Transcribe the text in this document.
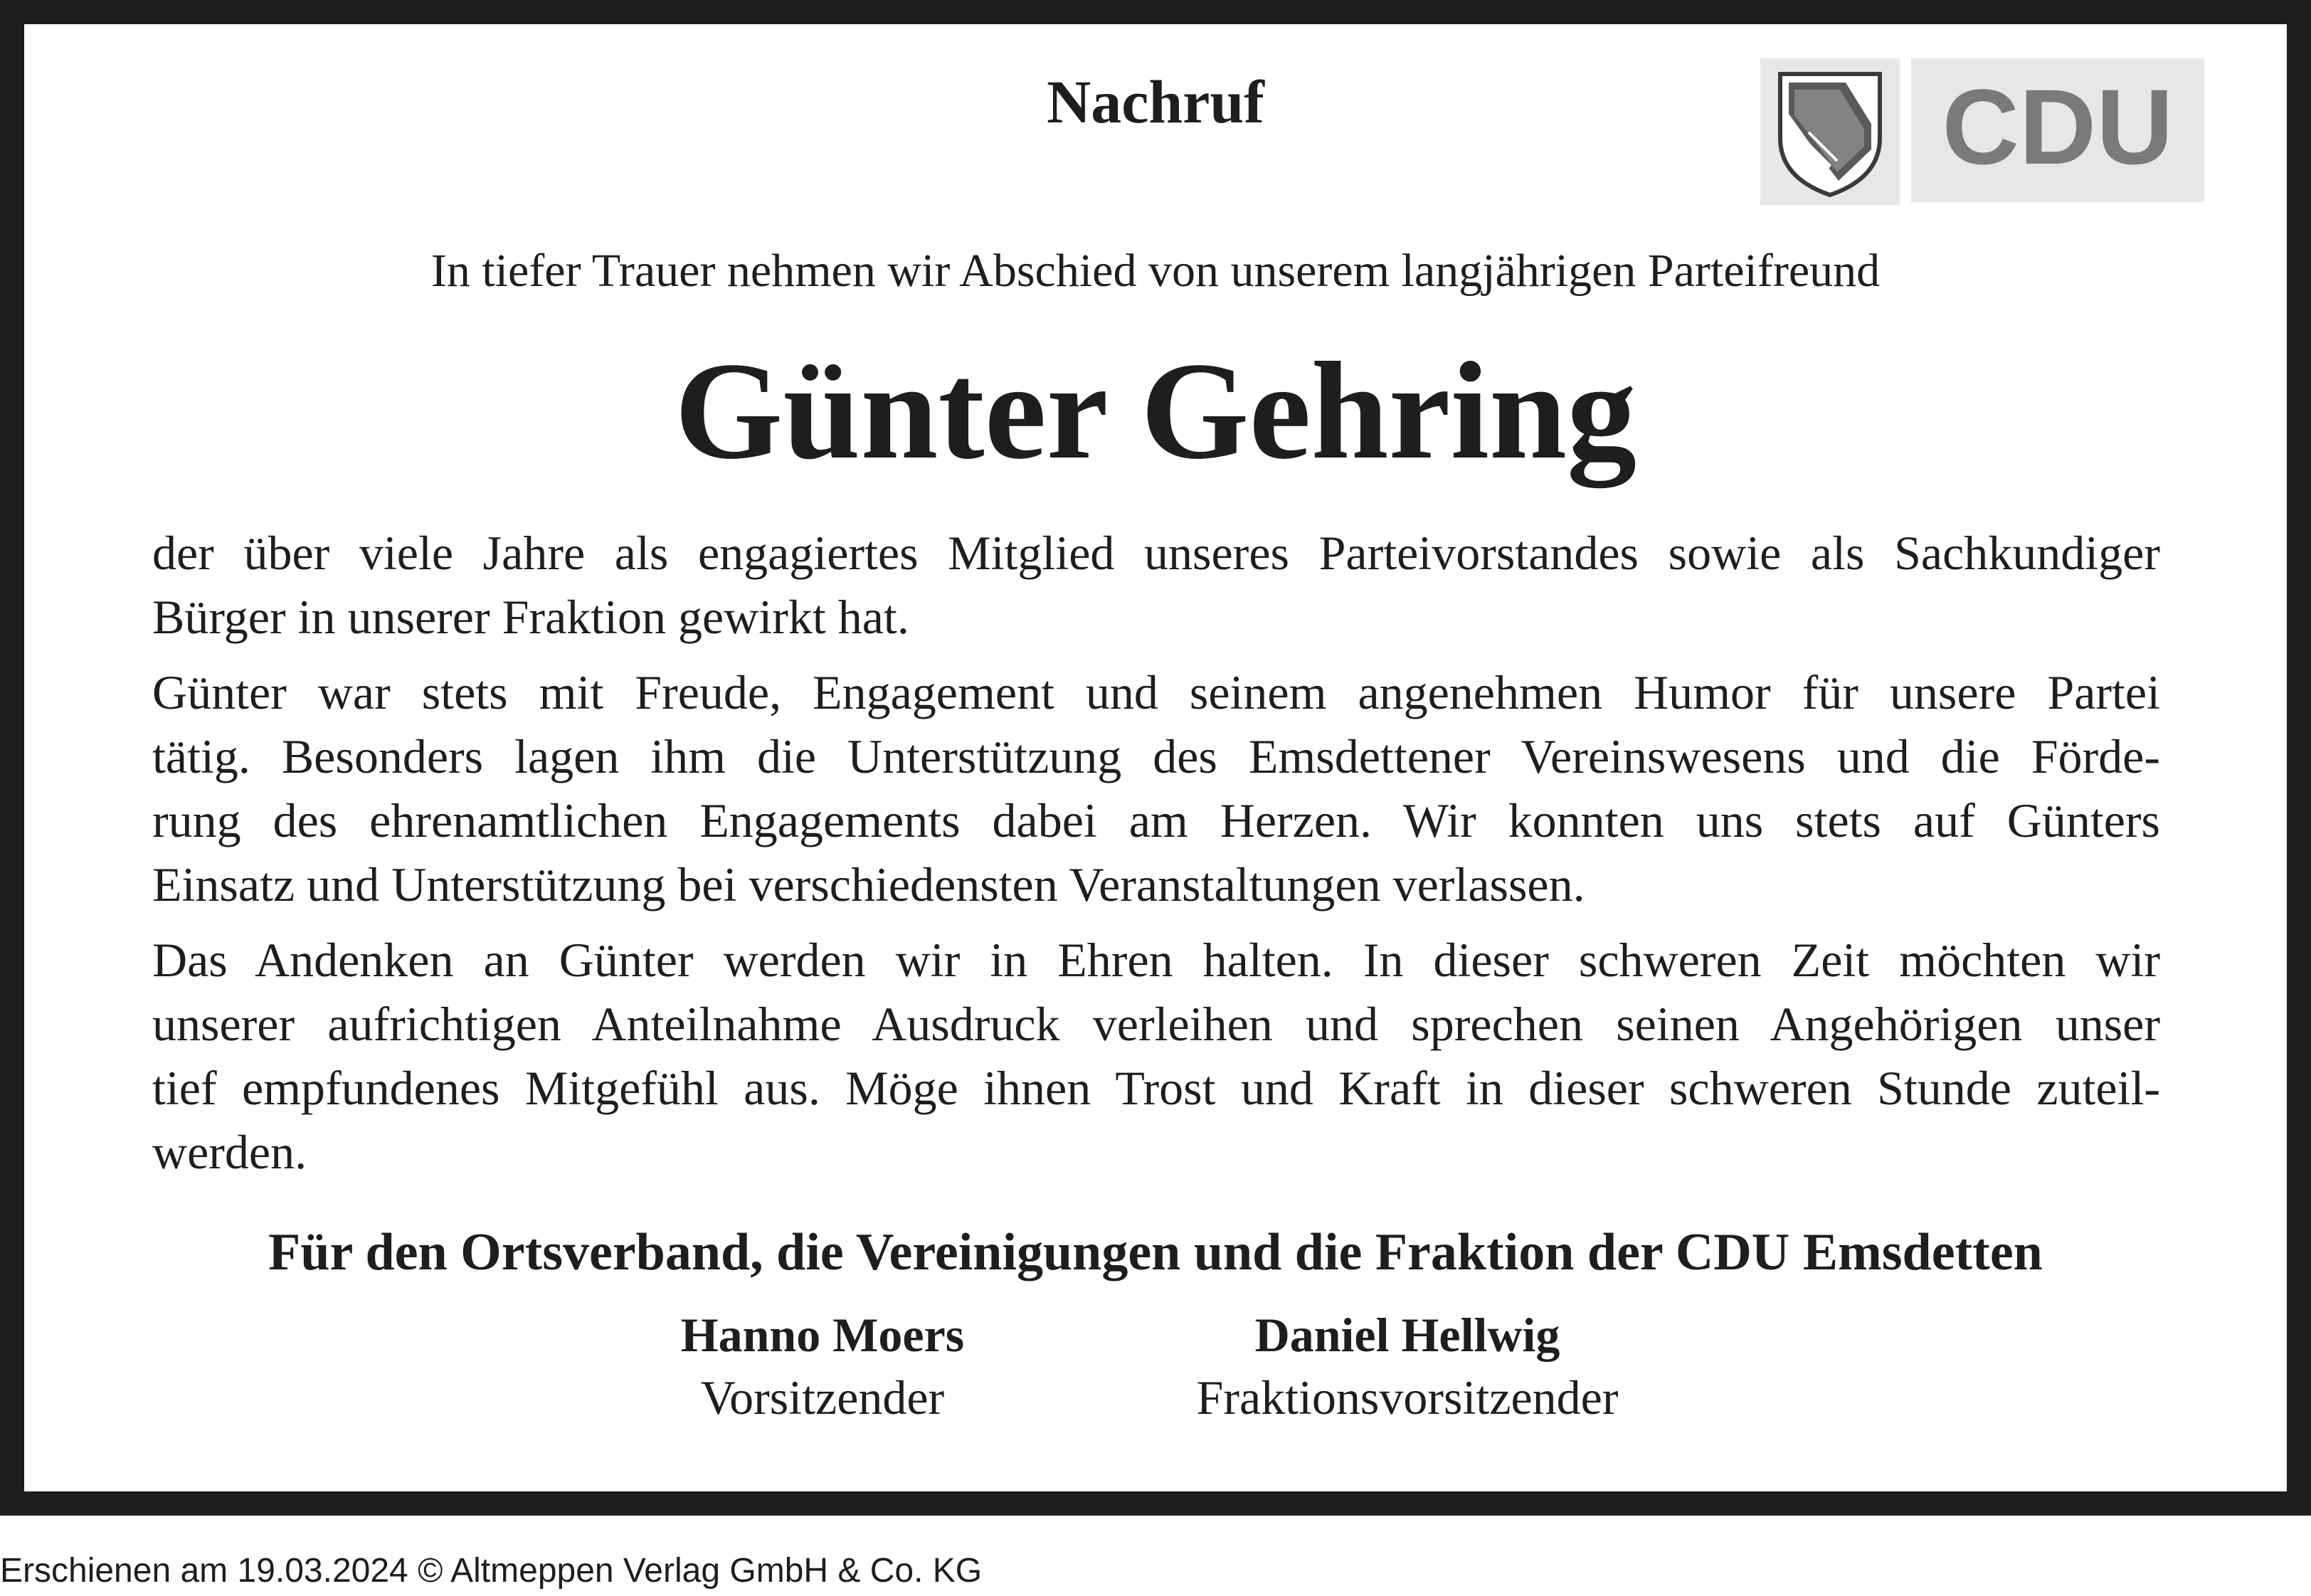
Nachruf	CDU
In tiefer Trauer nehmen wir Abschied von unserem langjährigen Parteifreund
Günter Gehring
der über viele Jahre als engagiertes Mitglied unseres Parteivorstandes sowie als Sachkundiger
Bürger in unserer Fraktion gewirkt hat.
Günter war stets mit Freude, Engagement und seinem angenehmen Humor für unsere Partei
tätig. Besonders lagen ihm die Unterstützung des Emsdettener Vereinswesens und die Förde-
rung des ehrenamtlichen Engagements dabei am Herzen. Wir konnten uns stets auf Günters
Einsatz und Unterstützung bei verschiedensten Veranstaltungen verlassen.
Das Andenken an Günter werden wir in Ehren halten. In dieser schweren Zeit möchten wir
unserer aufrichtigen Anteilnahme Ausdruck verleihen und sprechen seinen Angehörigen unser
tief empfundenes Mitgefühl aus. Möge ihnen Trost und Kraft in dieser schweren Stunde zuteil-
werden.
Für den Ortsverband, die Vereinigungen und die Fraktion der CDU Emsdetten
Hanno Moers
Vorsitzender
Daniel Hellwig
Fraktionsvorsitzender
Erschienen am 19.03.2024 © Altmeppen Verlag GmbH & Co. KG
